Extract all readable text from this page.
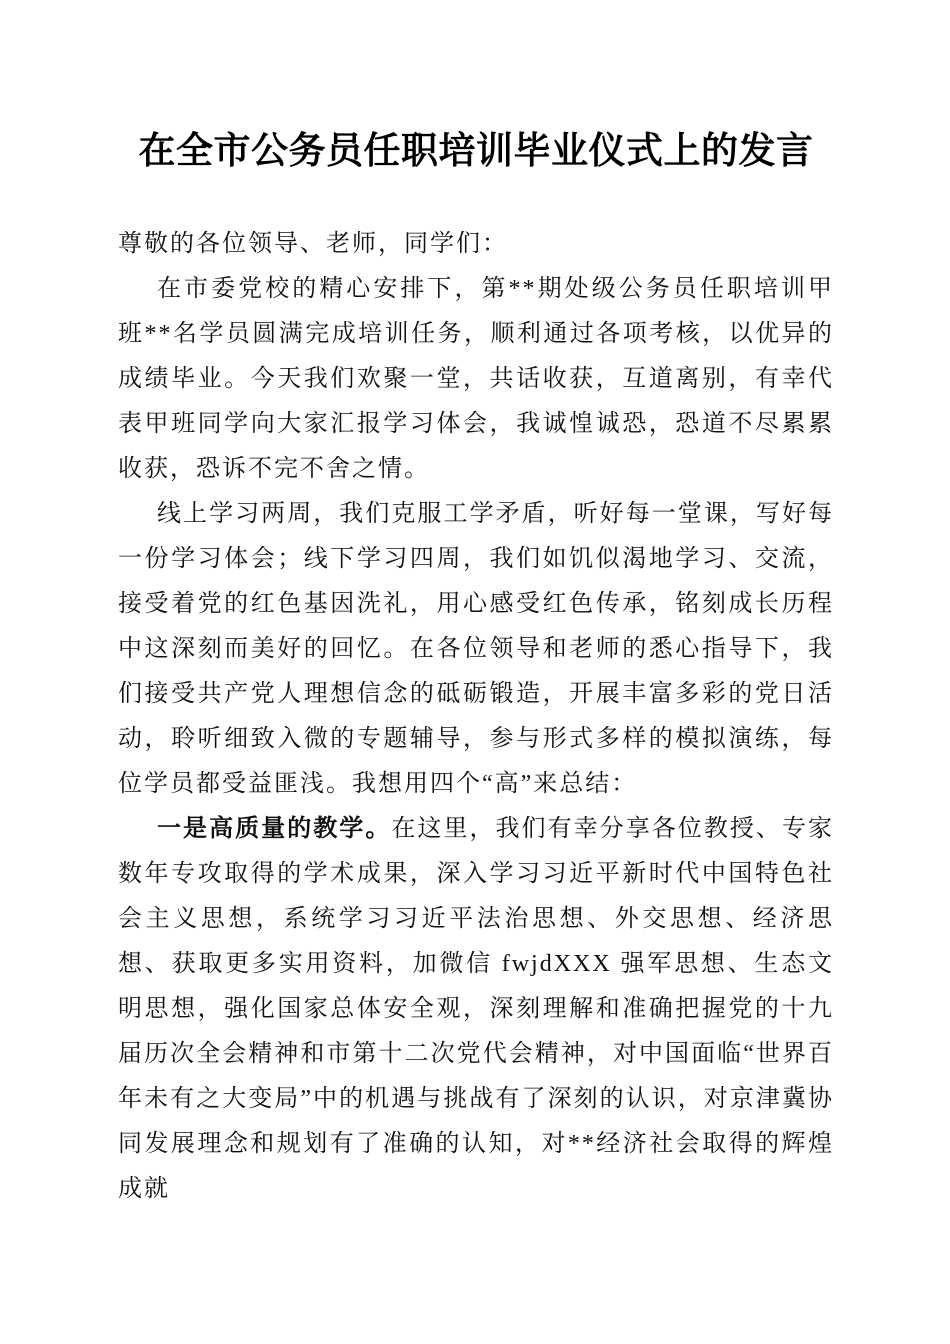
在全市公务员任职培训毕业仪式上的发言

尊敬的各位领导、老师，同学们：

在市委党校的精心安排下，第**期处级公务员任职培训甲班**名学员圆满完成培训任务，顺利通过各项考核，以优异的成绩毕业。今天我们欢聚一堂，共话收获，互道离别，有幸代表甲班同学向大家汇报学习体会，我诚惶诚恐，恐道不尽累累收获，恐诉不完不舍之情。

线上学习两周，我们克服工学矛盾，听好每一堂课，写好每一份学习体会；线下学习四周，我们如饥似渴地学习、交流，接受着党的红色基因洗礼，用心感受红色传承，铭刻成长历程中这深刻而美好的回忆。在各位领导和老师的悉心指导下，我们接受共产党人理想信念的砥砺锻造，开展丰富多彩的党日活动，聆听细致入微的专题辅导，参与形式多样的模拟演练，每位学员都受益匪浅。我想用四个“高”来总结：

一是高质量的教学。在这里，我们有幸分享各位教授、专家数年专攻取得的学术成果，深入学习习近平新时代中国特色社会主义思想，系统学习习近平法治思想、外交思想、经济思想、获取更多实用资料，加微信 fwjdXXX 强军思想、生态文明思想，强化国家总体安全观，深刻理解和准确把握党的十九届历次全会精神和市第十二次党代会精神，对中国面临“世界百年未有之大变局”中的机遇与挑战有了深刻的认识，对京津冀协同发展理念和规划有了准确的认知，对**经济社会取得的辉煌成就
